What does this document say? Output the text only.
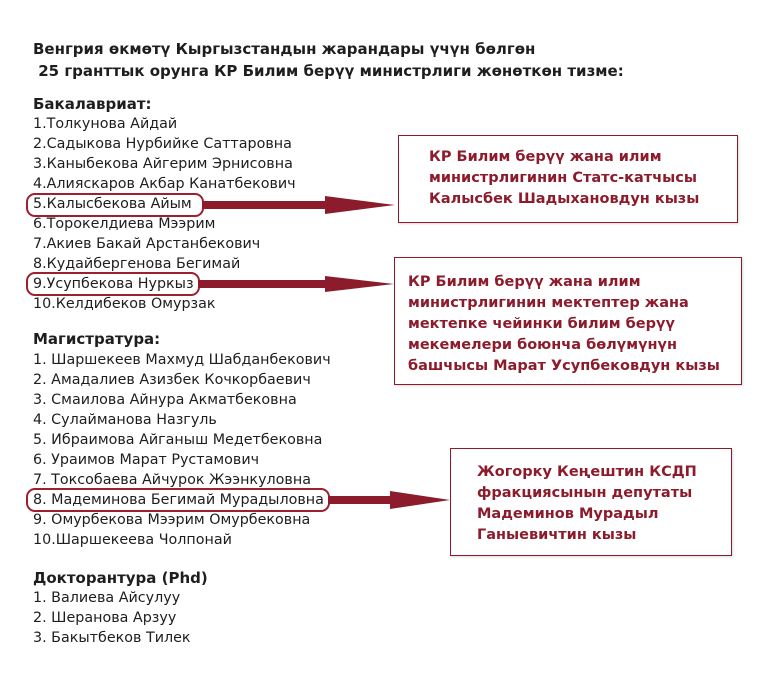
Венгрия өкмөтү Кыргызстандын жарандары үчүн бөлгөн
25 гранттык орунга КР Билим берүү министрлиги жөнөткөн тизме:
Бакалавриат:
1.Толкунова Айдай
2.Садыкова Нурбийке Саттаровна
3.Каныбекова Айгерим Эрнисовна
4.Алияскаров Акбар Канатбекович
5.Калысбекова Айым
6.Торокелдиева Мээрим
7.Акиев Бакай Арстанбекович
8.Кудайбергенова Бегимай
9.Усупбекова Нуркыз
10.Келдибеков Омурзак
Магистратура:
1. Шаршекеев Махмуд Шабданбекович
2. Амадалиев Азизбек Кочкорбаевич
3. Смаилова Айнура Акматбековна
4. Сулайманова Назгуль
5. Ибраимова Айганыш Медетбековна
6. Ураимов Марат Рустамович
7. Токсобаева Айчурок Жээнкуловна
8. Мадеминова Бегимай Мурадыловна
9. Омурбекова Мээрим Омурбековна
10.Шаршекеева Чолпонай
Докторантура (Phd)
1. Валиева Айсулуу
2. Шеранова Арзуу
3. Бакытбеков Тилек
КР Билим берүү жана илим
министрлигинин Статс-катчысы
Калысбек Шадыхановдун кызы
КР Билим берүү жана илим
министрлигинин мектептер жана
мектепке чейинки билим берүү
мекемелери боюнча бөлүмүнүн
башчысы Марат Усупбековдун кызы
Жогорку Кеңештин КСДП
фракциясынын депутаты
Мадеминов Мурадыл
Ганыевичтин кызы
